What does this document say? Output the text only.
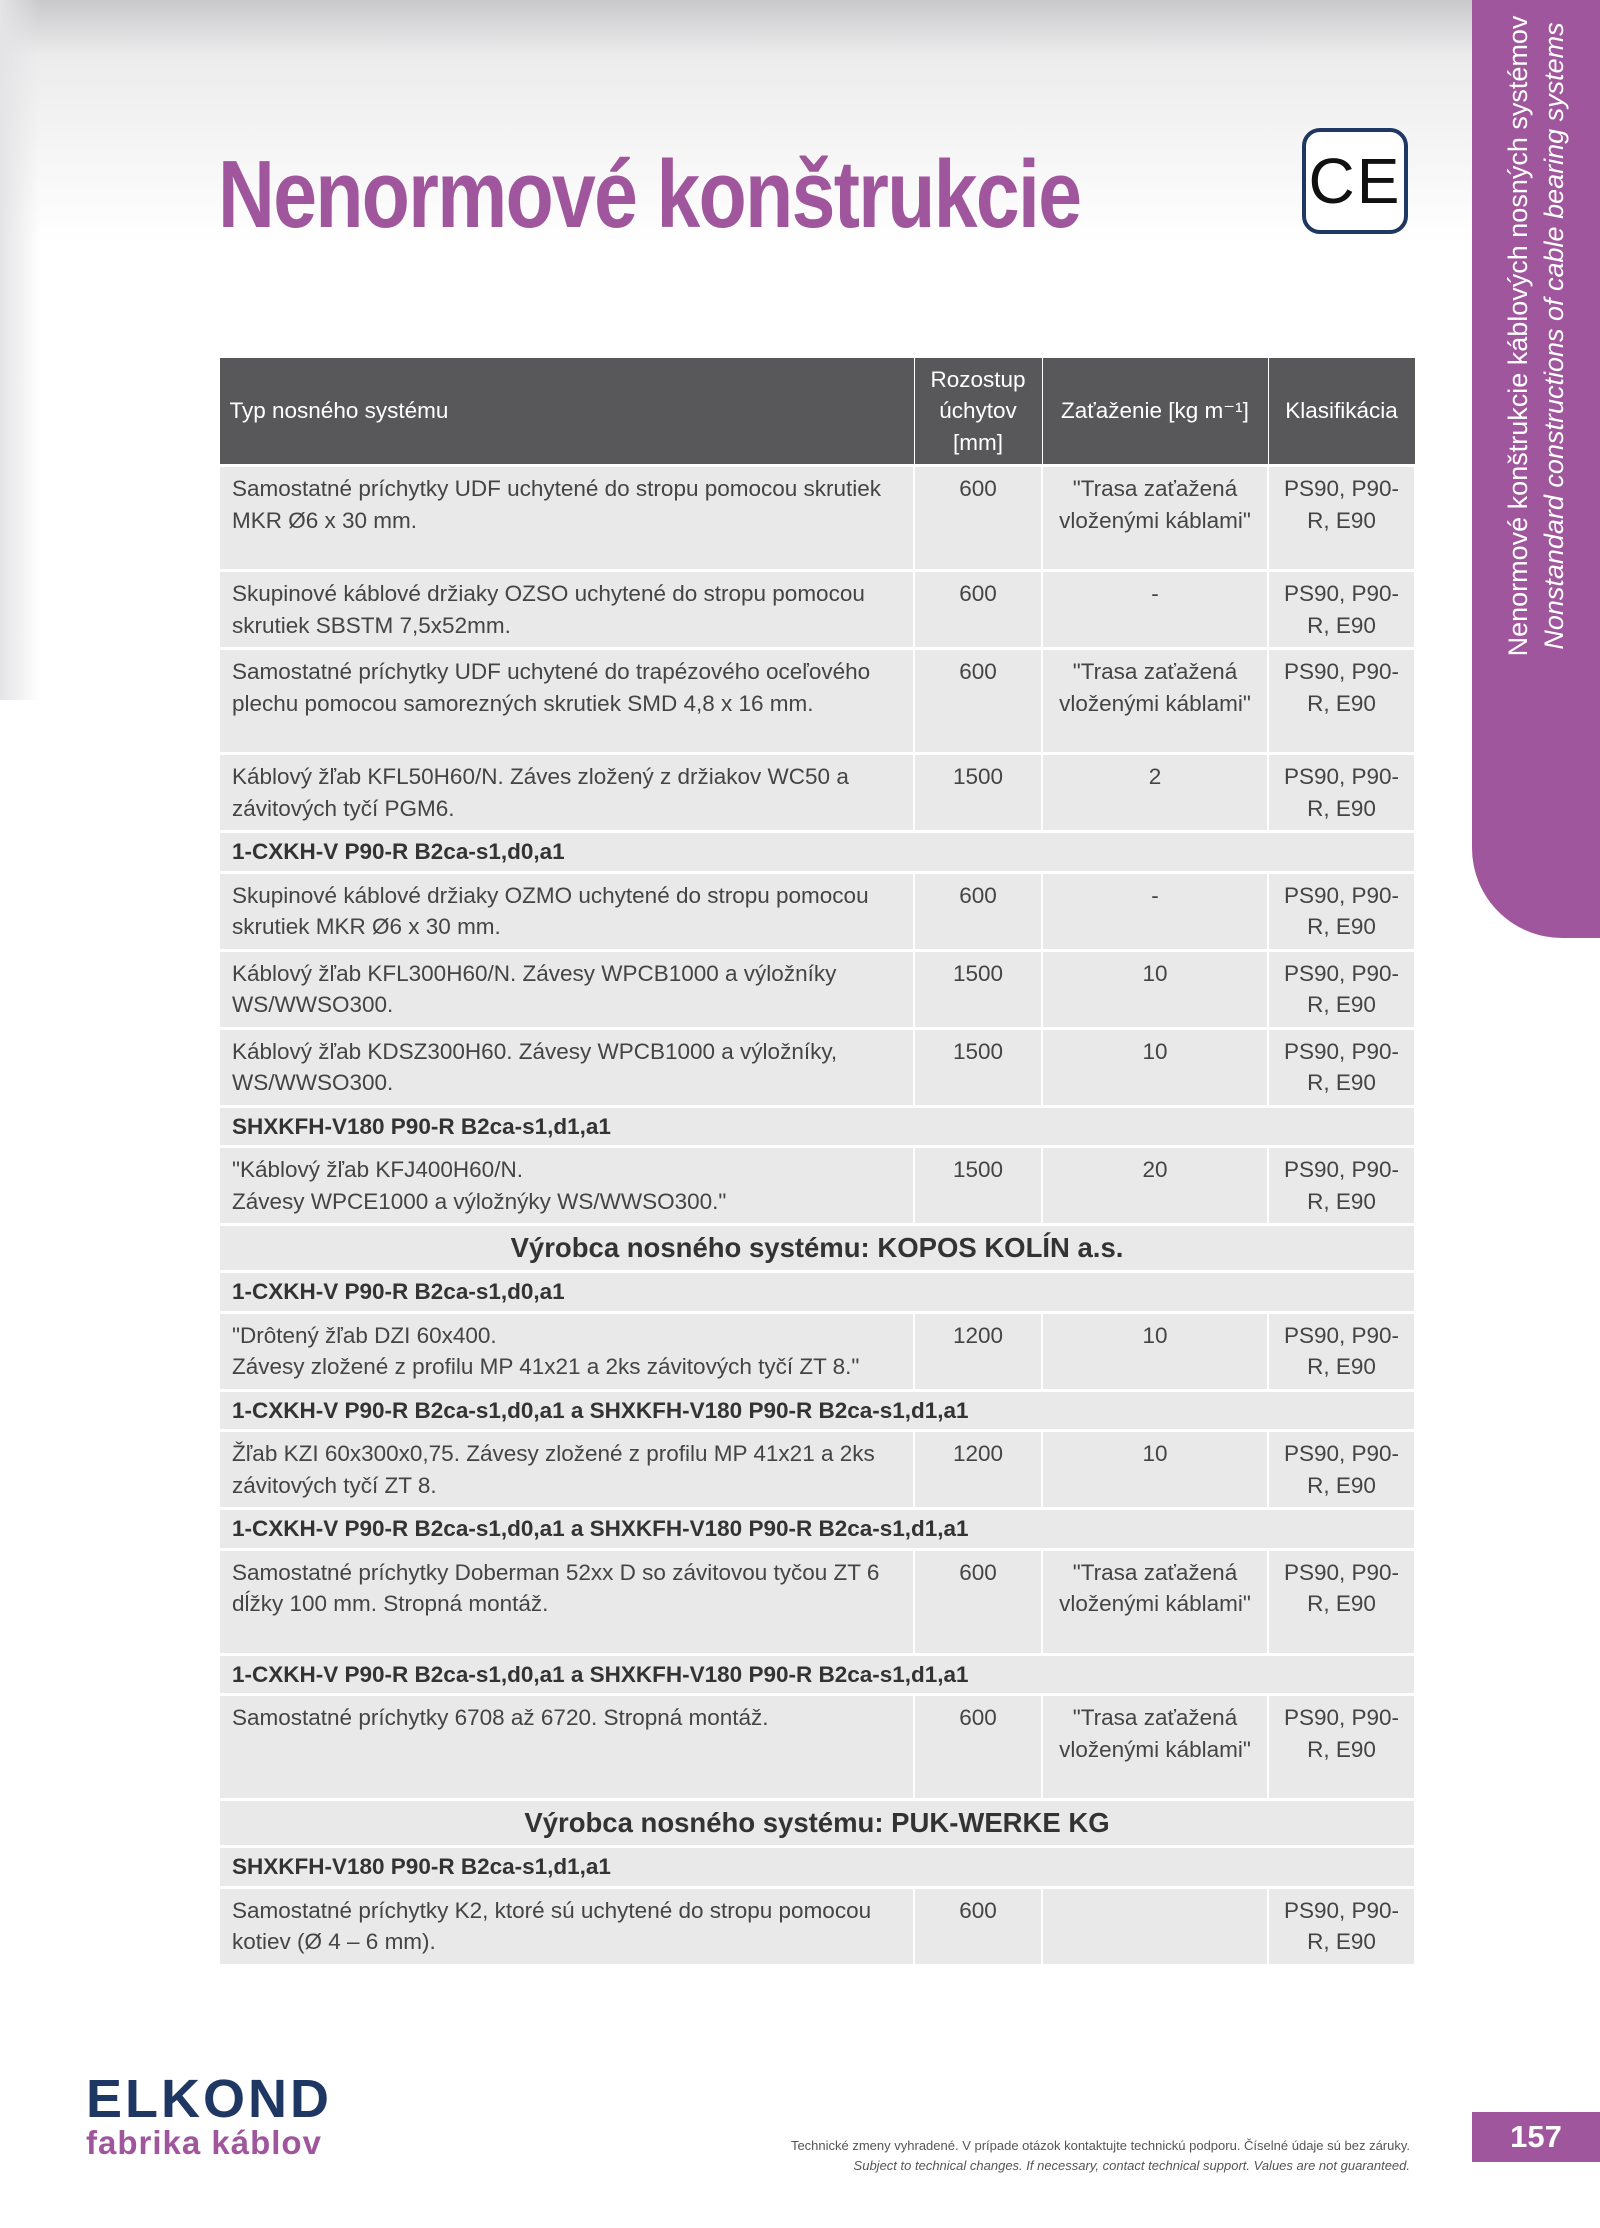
Nenormové konštrukcie	CE	Nenormové konštrukcie káblových nosných systémov Nonstandard constructions of cable bearing systems
Typ nosného systému	Rozostup úchytov [mm]	Zaťaženie [kg m⁻¹]	Klasifikácia
Samostatné príchytky UDF uchytené do stropu pomocou skrutiek MKR Ø6 x 30 mm.	600	"Trasa zaťažená vloženými káblami"	PS90, P90-R, E90
Skupinové káblové držiaky OZSO uchytené do stropu pomocou skrutiek SBSTM 7,5x52mm.	600	-	PS90, P90-R, E90
Samostatné príchytky UDF uchytené do trapézového oceľového plechu pomocou samorezných skrutiek SMD 4,8 x 16 mm.	600	"Trasa zaťažená vloženými káblami"	PS90, P90-R, E90
Káblový žľab KFL50H60/N. Záves zložený z držiakov WC50 a závitových tyčí PGM6.	1500	2	PS90, P90-R, E90
1-CXKH-V P90-R B2ca-s1,d0,a1			
Skupinové káblové držiaky OZMO uchytené do stropu pomocou skrutiek MKR Ø6 x 30 mm.	600	-	PS90, P90-R, E90
Káblový žľab KFL300H60/N. Závesy WPCB1000 a výložníky WS/WWSO300.	1500	10	PS90, P90-R, E90
Káblový žľab KDSZ300H60. Závesy WPCB1000 a výložníky, WS/WWSO300.	1500	10	PS90, P90-R, E90
SHXKFH-V180 P90-R B2ca-s1,d1,a1			
"Káblový žľab KFJ400H60/N.
Závesy WPCE1000 a výložnýky WS/WWSO300."	1500	20	PS90, P90-R, E90
Výrobca nosného systému: KOPOS KOLÍN a.s.			
1-CXKH-V P90-R B2ca-s1,d0,a1			
"Drôtený žľab DZI 60x400.
Závesy zložené z profilu MP 41x21 a 2ks závitových tyčí ZT 8."	1200	10	PS90, P90-R, E90
1-CXKH-V P90-R B2ca-s1,d0,a1 a SHXKFH-V180 P90-R B2ca-s1,d1,a1			
Žľab KZI 60x300x0,75. Závesy zložené z profilu MP 41x21 a 2ks závitových tyčí ZT 8.	1200	10	PS90, P90-R, E90
1-CXKH-V P90-R B2ca-s1,d0,a1 a SHXKFH-V180 P90-R B2ca-s1,d1,a1			
Samostatné príchytky Doberman 52xx D so závitovou tyčou ZT 6 dĺžky 100 mm. Stropná montáž.	600	"Trasa zaťažená vloženými káblami"	PS90, P90-R, E90
1-CXKH-V P90-R B2ca-s1,d0,a1 a SHXKFH-V180 P90-R B2ca-s1,d1,a1			
Samostatné príchytky 6708 až 6720. Stropná montáž.	600	"Trasa zaťažená vloženými káblami"	PS90, P90-R, E90
Výrobca nosného systému: PUK-WERKE KG			
SHXKFH-V180 P90-R B2ca-s1,d1,a1			
Samostatné príchytky K2, ktoré sú uchytené do stropu pomocou kotiev (Ø 4 – 6 mm).	600		PS90, P90-R, E90
ELKOND
fabrika káblov	Technické zmeny vyhradené. V prípade otázok kontaktujte technickú podporu. Číselné údaje sú bez záruky.
Subject to technical changes. If necessary, contact technical support. Values are not guaranteed.
157
